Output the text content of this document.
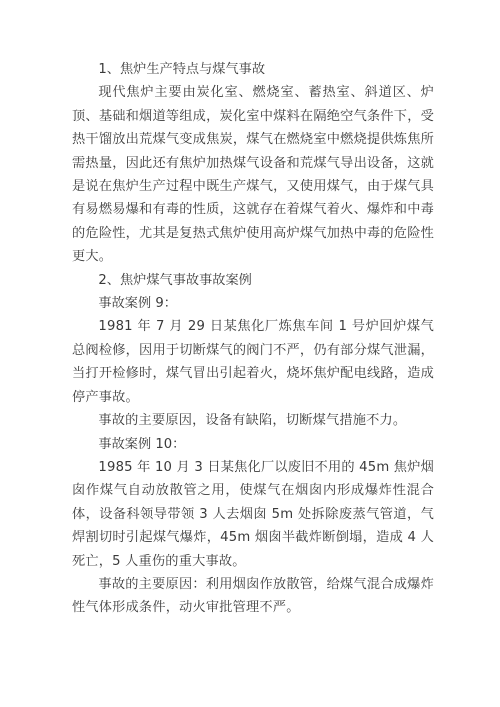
1、焦炉生产特点与煤气事故

现代焦炉主要由炭化室、燃烧室、蓄热室、斜道区、炉顶、基础和烟道等组成，炭化室中煤料在隔绝空气条件下，受热干馏放出荒煤气变成焦炭，煤气在燃烧室中燃烧提供炼焦所需热量，因此还有焦炉加热煤气设备和荒煤气导出设备，这就是说在焦炉生产过程中既生产煤气，又使用煤气，由于煤气具有易燃易爆和有毒的性质，这就存在着煤气着火、爆炸和中毒的危险性，尤其是复热式焦炉使用高炉煤气加热中毒的危险性更大。

2、焦炉煤气事故事故案例

事故案例 9：

1981 年 7 月 29 日某焦化厂炼焦车间 1 号炉回炉煤气总阀检修，因用于切断煤气的阀门不严，仍有部分煤气泄漏，当打开检修时，煤气冒出引起着火，烧坏焦炉配电线路，造成停产事故。

事故的主要原因，设备有缺陷，切断煤气措施不力。

事故案例 10：

1985 年 10 月 3 日某焦化厂以废旧不用的 45m 焦炉烟囱作煤气自动放散管之用，使煤气在烟囱内形成爆炸性混合体，设备科领导带领 3 人去烟囱 5m 处拆除废蒸气管道，气焊割切时引起煤气爆炸，45m 烟囱半截炸断倒塌，造成 4 人死亡，5 人重伤的重大事故。

事故的主要原因：利用烟囱作放散管，给煤气混合成爆炸性气体形成条件，动火审批管理不严。
